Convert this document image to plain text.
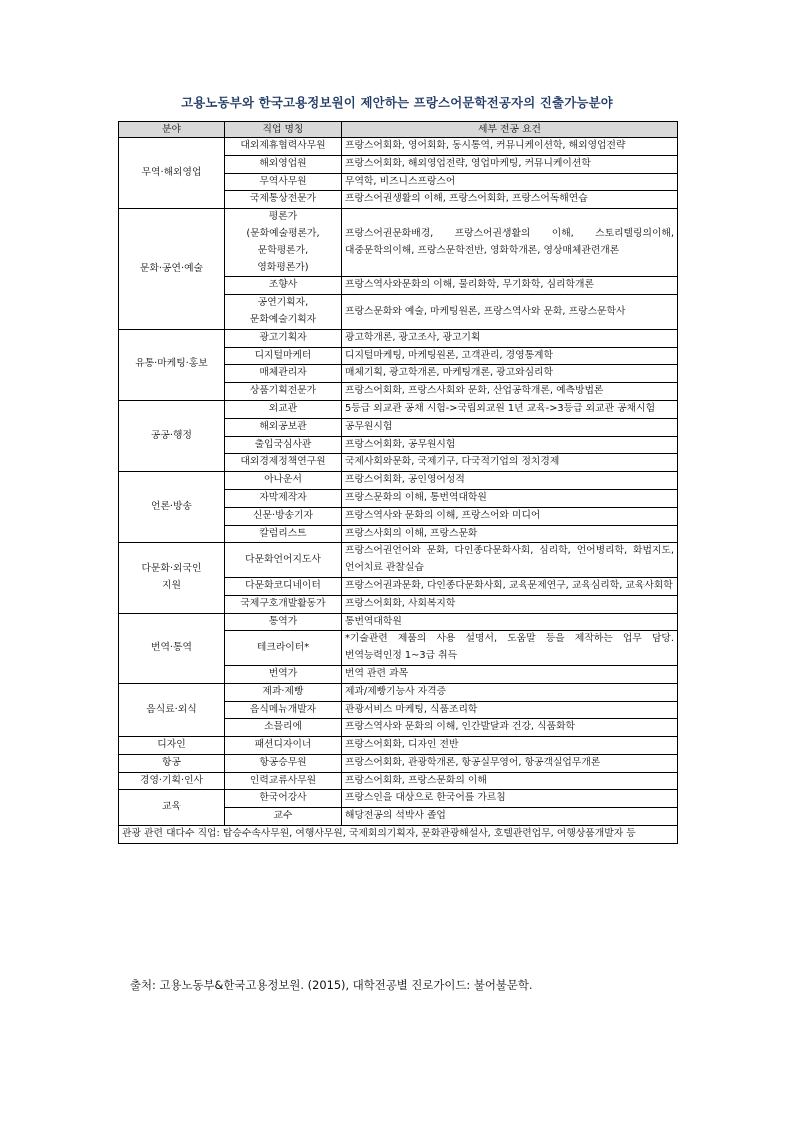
고용노동부와 한국고용정보원이 제안하는 프랑스어문학전공자의 진출가능분야
분야	직업 명칭	세부 전공 요건
무역·해외영업	대외제휴협력사무원	프랑스어회화, 영어회화, 동시통역, 커뮤니케이션학, 해외영업전략
	해외영업원	프랑스어회화, 해외영업전략, 영업마케팅, 커뮤니케이션학
	무역사무원	무역학, 비즈니스프랑스어
	국제통상전문가	프랑스어권생활의 이해, 프랑스어회화, 프랑스어독해연습
문화·공연·예술	평론가
(문화예술평론가,
문학평론가,
영화평론가)	프랑스어권문화배경, 프랑스어권생활의 이해, 스토리텔링의이해, 대중문학의이해, 프랑스문학전반, 영화학개론, 영상매체관련개론
	조향사	프랑스역사와문화의 이해, 물리화학, 무기화학, 심리학개론
	공연기획자,
문화예술기획자	프랑스문화와 예술, 마케팅원론, 프랑스역사와 문화, 프랑스문학사
유통·마케팅·홍보	광고기획자	광고학개론, 광고조사, 광고기획
	디지털마케터	디지털마케팅, 마케팅원론, 고객관리, 경영통계학
	매체관리자	매체기획, 광고학개론, 마케팅개론, 광고와심리학
	상품기획전문가	프랑스어회화, 프랑스사회와 문화, 산업공학개론, 예측방법론
공공·행정	외교관	5등급 외교관 공채 시험->국립외교원 1년 교육->3등급 외교관 공채시험
	해외공보관	공무원시험
	출입국심사관	프랑스어회화, 공무원시험
	대외경제정책연구원	국제사회와문화, 국제기구, 다국적기업의 정치경제
언론·방송	아나운서	프랑스어회화, 공인영어성적
	자막제작자	프랑스문화의 이해, 통번역대학원
	신문·방송기자	프랑스역사와 문화의 이해, 프랑스어와 미디어
	칼럼리스트	프랑스사회의 이해, 프랑스문화
다문화·외국인
지원	다문화언어지도사	프랑스어권언어와 문화, 다인종다문화사회, 심리학, 언어병리학, 화법지도, 언어치료 관찰실습
	다문화코디네이터	프랑스어권과문화, 다인종다문화사회, 교육문제연구, 교육심리학, 교육사회학
	국제구호개발활동가	프랑스어회화, 사회복지학
번역·통역	통역가	통번역대학원
	테크라이터*	*기술관련 제품의 사용 설명서, 도움말 등을 제작하는 업무 담당. 번역능력인정 1~3급 취득
	번역가	번역 관련 과목
음식료·외식	제과·제빵	제과/제빵기능사 자격증
	음식메뉴개발자	관광서비스 마케팅, 식품조리학
	소믈리에	프랑스역사와 문화의 이해, 인간발달과 건강, 식품화학
디자인	패션디자이너	프랑스어회화, 디자인 전반
항공	항공승무원	프랑스어회화, 관광학개론, 항공실무영어, 항공객실업무개론
경영·기획·인사	인력교류사무원	프랑스어회화, 프랑스문화의 이해
교육	한국어강사	프랑스인을 대상으로 한국어를 가르침
	교수	해당전공의 석박사 졸업
관광 관련 대다수 직업: 탑승수속사무원, 여행사무원, 국제회의기획자, 문화관광해설사, 호텔관련업무, 여행상품개발자 등		
출처: 고용노동부&한국고용정보원. (2015), 대학전공별 진로가이드: 불어불문학.
